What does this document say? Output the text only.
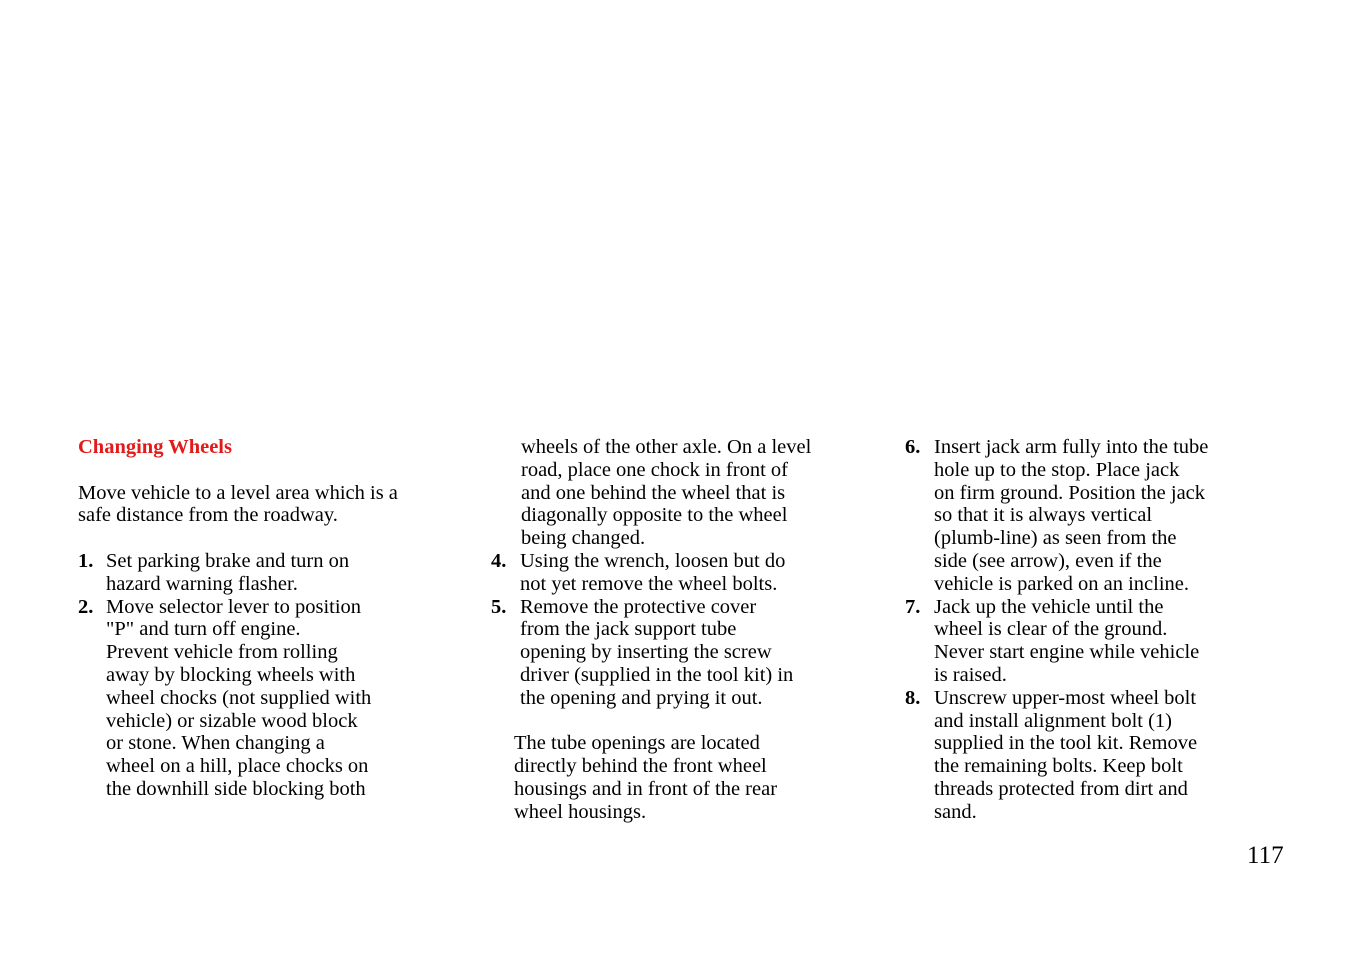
Changing Wheels
Move vehicle to a level area which is a
safe distance from the roadway.
1. Set parking brake and turn on
hazard warning flasher.
2. Move selector lever to position
"P" and turn off engine.
Prevent vehicle from rolling
away by blocking wheels with
wheel chocks (not supplied with
vehicle) or sizable wood block
or stone. When changing a
wheel on a hill, place chocks on
the downhill side blocking both
wheels of the other axle. On a level
road, place one chock in front of
and one behind the wheel that is
diagonally opposite to the wheel
being changed.
4. Using the wrench, loosen but do
not yet remove the wheel bolts.
5. Remove the protective cover
from the jack support tube
opening by inserting the screw
driver (supplied in the tool kit) in
the opening and prying it out.
The tube openings are located
directly behind the front wheel
housings and in front of the rear
wheel housings.
6. Insert jack arm fully into the tube
hole up to the stop. Place jack
on firm ground. Position the jack
so that it is always vertical
(plumb-line) as seen from the
side (see arrow), even if the
vehicle is parked on an incline.
7. Jack up the vehicle until the
wheel is clear of the ground.
Never start engine while vehicle
is raised.
8. Unscrew upper-most wheel bolt
and install alignment bolt (1)
supplied in the tool kit. Remove
the remaining bolts. Keep bolt
threads protected from dirt and
sand.
117
